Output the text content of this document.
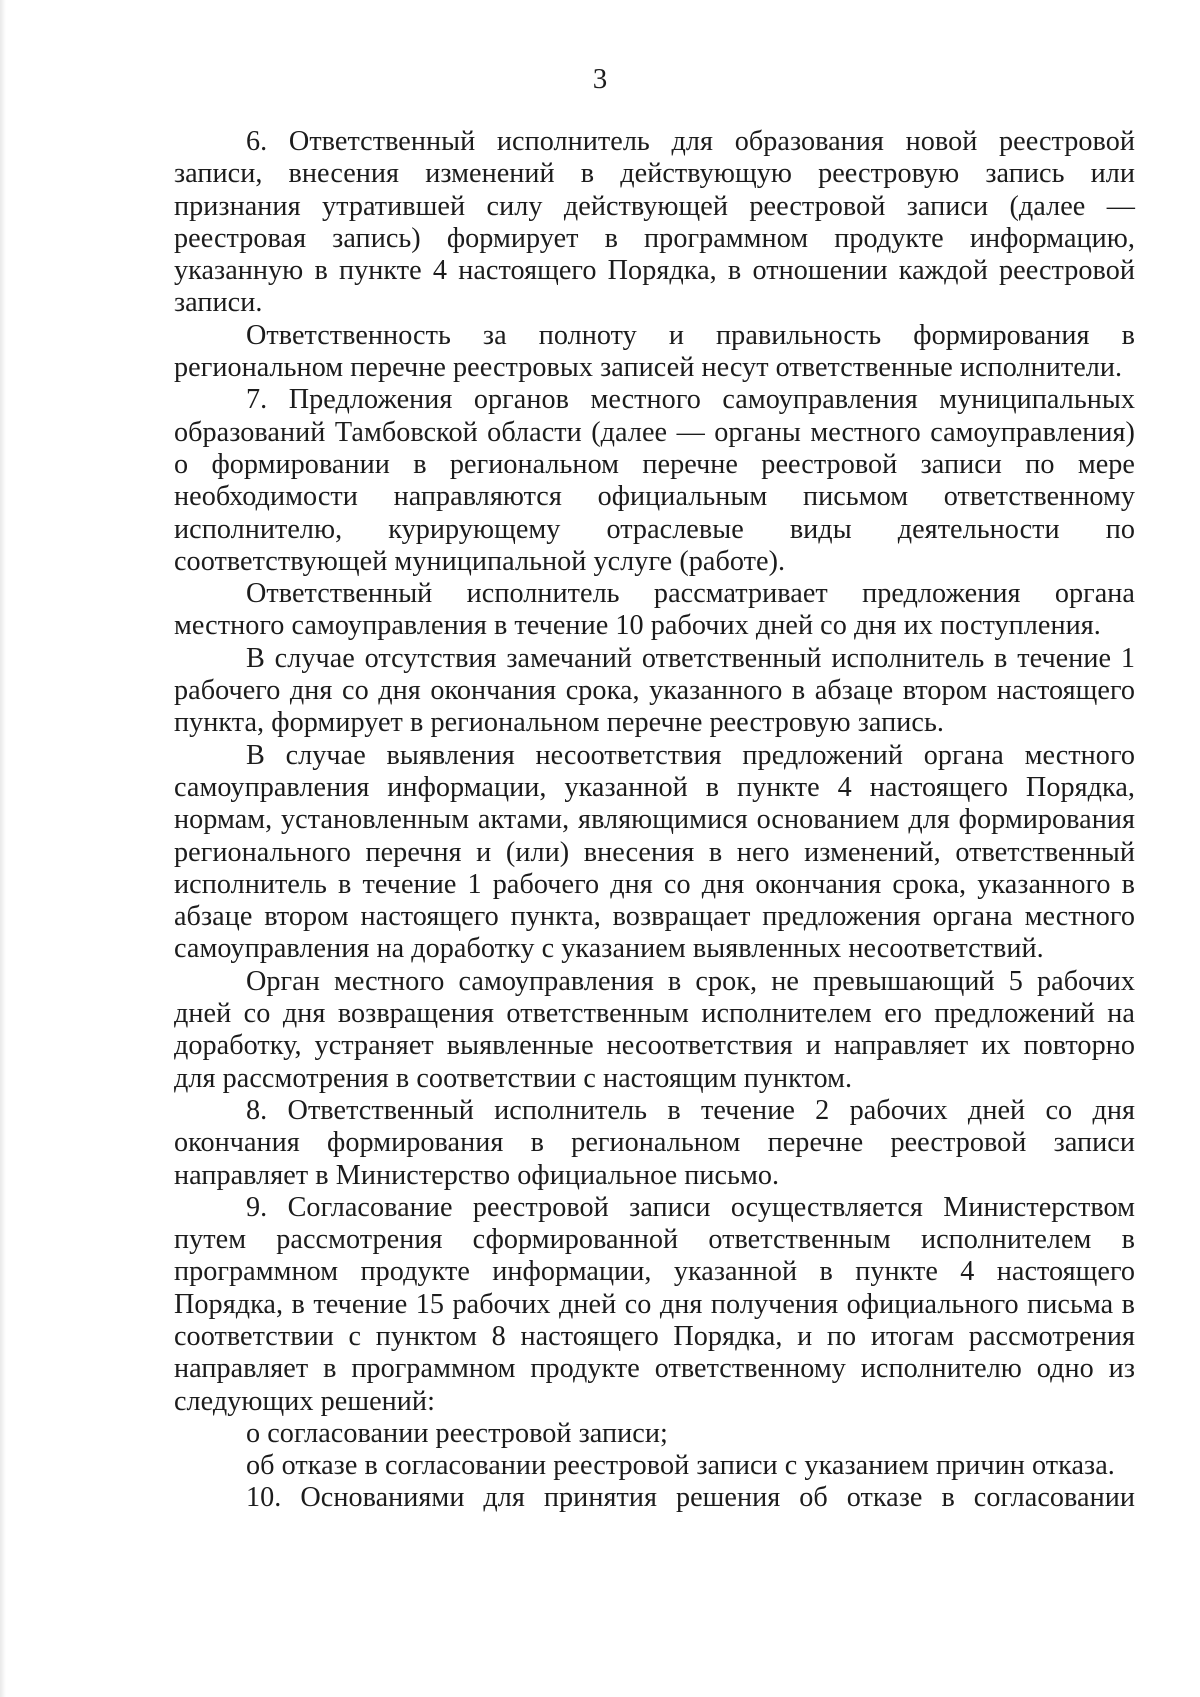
3

6. Ответственный исполнитель для образования новой реестровой записи, внесения изменений в действующую реестровую запись или признания утратившей силу действующей реестровой записи (далее — реестровая запись) формирует в программном продукте информацию, указанную в пункте 4 настоящего Порядка, в отношении каждой реестровой записи.

Ответственность за полноту и правильность формирования в региональном перечне реестровых записей несут ответственные исполнители.

7. Предложения органов местного самоуправления муниципальных образований Тамбовской области (далее — органы местного самоуправления) о формировании в региональном перечне реестровой записи по мере необходимости направляются официальным письмом ответственному исполнителю, курирующему отраслевые виды деятельности по соответствующей муниципальной услуге (работе).

Ответственный исполнитель рассматривает предложения органа местного самоуправления в течение 10 рабочих дней со дня их поступления.

В случае отсутствия замечаний ответственный исполнитель в течение 1 рабочего дня со дня окончания срока, указанного в абзаце втором настоящего пункта, формирует в региональном перечне реестровую запись.

В случае выявления несоответствия предложений органа местного самоуправления информации, указанной в пункте 4 настоящего Порядка, нормам, установленным актами, являющимися основанием для формирования регионального перечня и (или) внесения в него изменений, ответственный исполнитель в течение 1 рабочего дня со дня окончания срока, указанного в абзаце втором настоящего пункта, возвращает предложения органа местного самоуправления на доработку с указанием выявленных несоответствий.

Орган местного самоуправления в срок, не превышающий 5 рабочих дней со дня возвращения ответственным исполнителем его предложений на доработку, устраняет выявленные несоответствия и направляет их повторно для рассмотрения в соответствии с настоящим пунктом.

8. Ответственный исполнитель в течение 2 рабочих дней со дня окончания формирования в региональном перечне реестровой записи направляет в Министерство официальное письмо.

9. Согласование реестровой записи осуществляется Министерством путем рассмотрения сформированной ответственным исполнителем в программном продукте информации, указанной в пункте 4 настоящего Порядка, в течение 15 рабочих дней со дня получения официального письма в соответствии с пунктом 8 настоящего Порядка, и по итогам рассмотрения направляет в программном продукте ответственному исполнителю одно из следующих решений:

о согласовании реестровой записи;

об отказе в согласовании реестровой записи с указанием причин отказа.

10. Основаниями для принятия решения об отказе в согласовании
